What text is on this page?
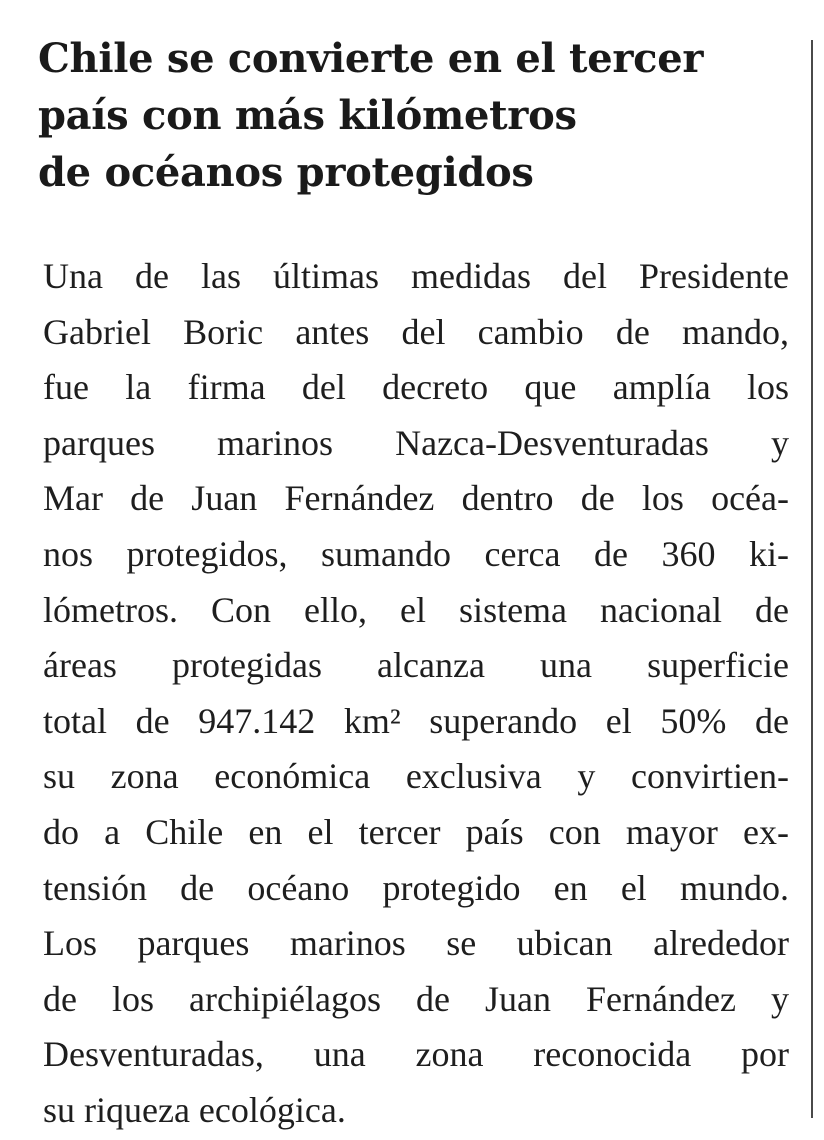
Chile se convierte en el tercer
país con más kilómetros
de océanos protegidos
Una de las últimas medidas del Presidente
Gabriel Boric antes del cambio de mando,
fue la firma del decreto que amplía los
parques marinos Nazca-Desventuradas y
Mar de Juan Fernández dentro de los océa-
nos protegidos, sumando cerca de 360 ki-
lómetros. Con ello, el sistema nacional de
áreas protegidas alcanza una superficie
total de 947.142 km² superando el 50% de
su zona económica exclusiva y convirtien-
do a Chile en el tercer país con mayor ex-
tensión de océano protegido en el mundo.
Los parques marinos se ubican alrededor
de los archipiélagos de Juan Fernández y
Desventuradas, una zona reconocida por
su riqueza ecológica.
